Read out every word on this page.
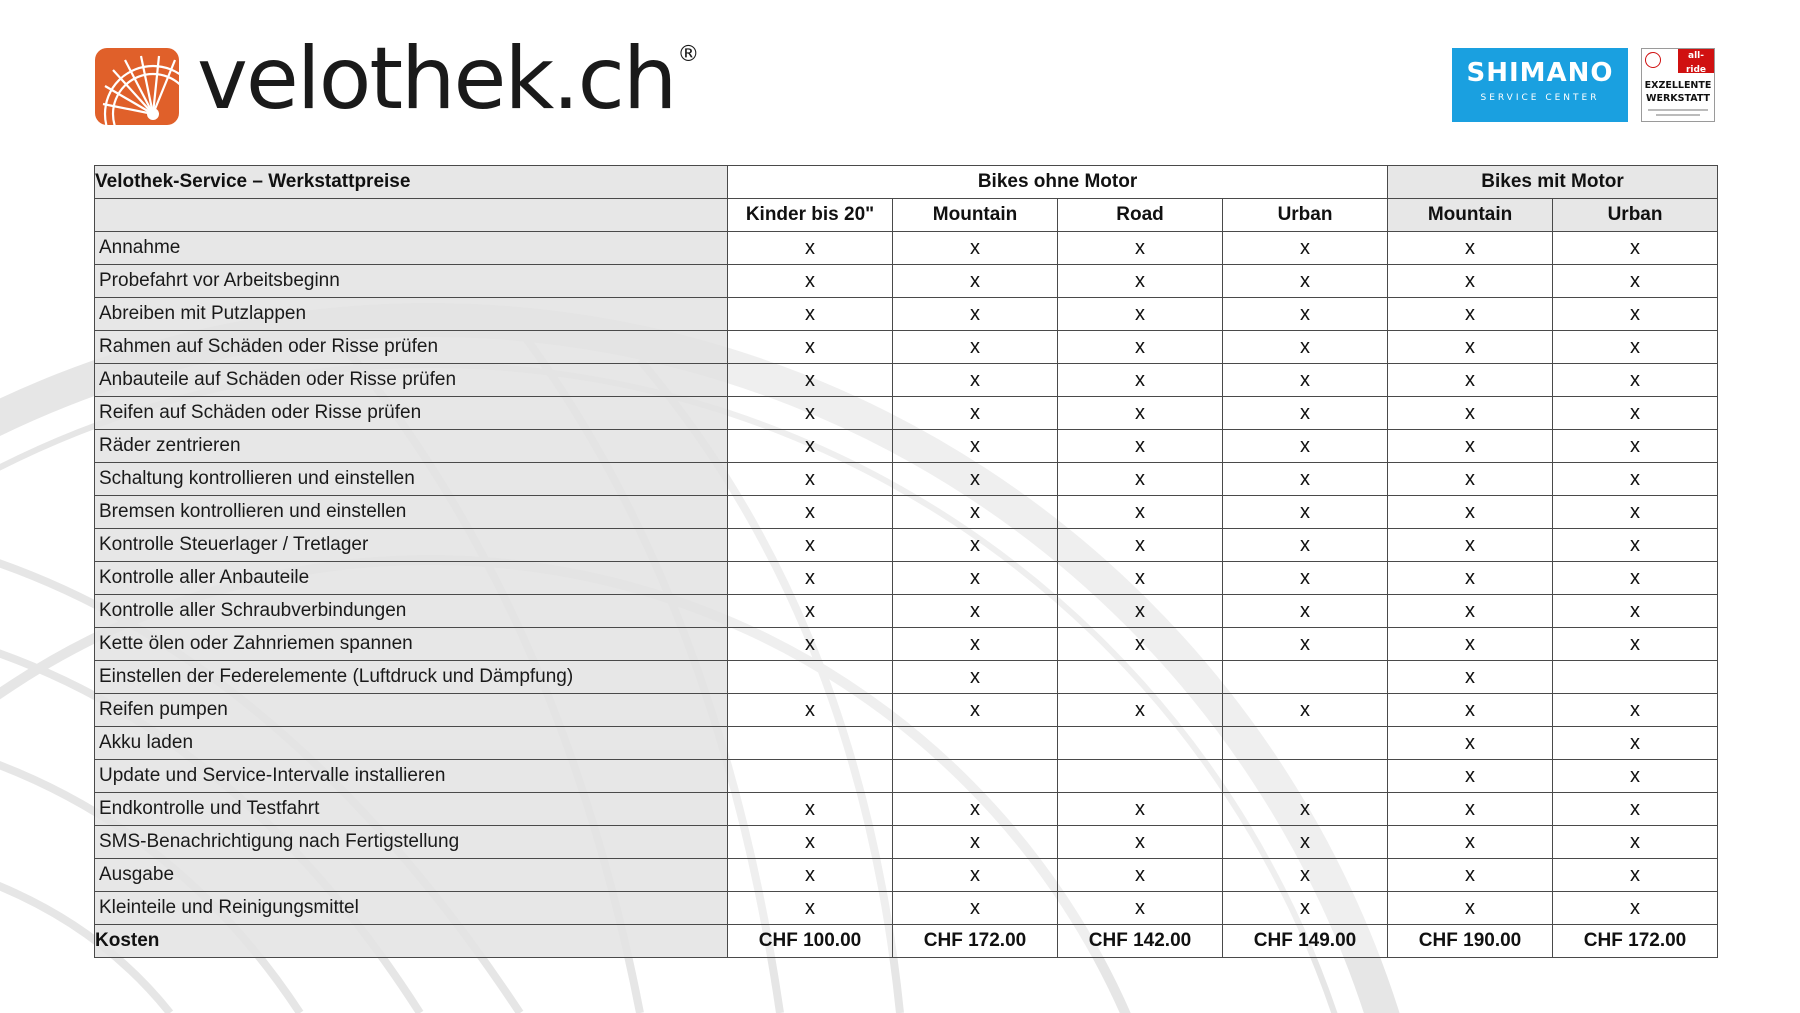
velothek.ch ®
SHIMANO
SERVICE CENTER
all-ride
EXZELLENTE
WERKSTATT
Velothek-Service – Werkstattpreise	Bikes ohne Motor				Bikes mit Motor	
	Kinder bis 20"	Mountain	Road	Urban	Mountain	Urban
Annahme	x	x	x	x	x	x
Probefahrt vor Arbeitsbeginn	x	x	x	x	x	x
Abreiben mit Putzlappen	x	x	x	x	x	x
Rahmen auf Schäden oder Risse prüfen	x	x	x	x	x	x
Anbauteile auf Schäden oder Risse prüfen	x	x	x	x	x	x
Reifen auf Schäden oder Risse prüfen	x	x	x	x	x	x
Räder zentrieren	x	x	x	x	x	x
Schaltung kontrollieren und einstellen	x	x	x	x	x	x
Bremsen kontrollieren und einstellen	x	x	x	x	x	x
Kontrolle Steuerlager / Tretlager	x	x	x	x	x	x
Kontrolle aller Anbauteile	x	x	x	x	x	x
Kontrolle aller Schraubverbindungen	x	x	x	x	x	x
Kette ölen oder Zahnriemen spannen	x	x	x	x	x	x
Einstellen der Federelemente (Luftdruck und Dämpfung)		x			x	
Reifen pumpen	x	x	x	x	x	x
Akku laden					x	x
Update und Service-Intervalle installieren					x	x
Endkontrolle und Testfahrt	x	x	x	x	x	x
SMS-Benachrichtigung nach Fertigstellung	x	x	x	x	x	x
Ausgabe	x	x	x	x	x	x
Kleinteile und Reinigungsmittel	x	x	x	x	x	x
Kosten	CHF 100.00	CHF 172.00	CHF 142.00	CHF 149.00	CHF 190.00	CHF 172.00
